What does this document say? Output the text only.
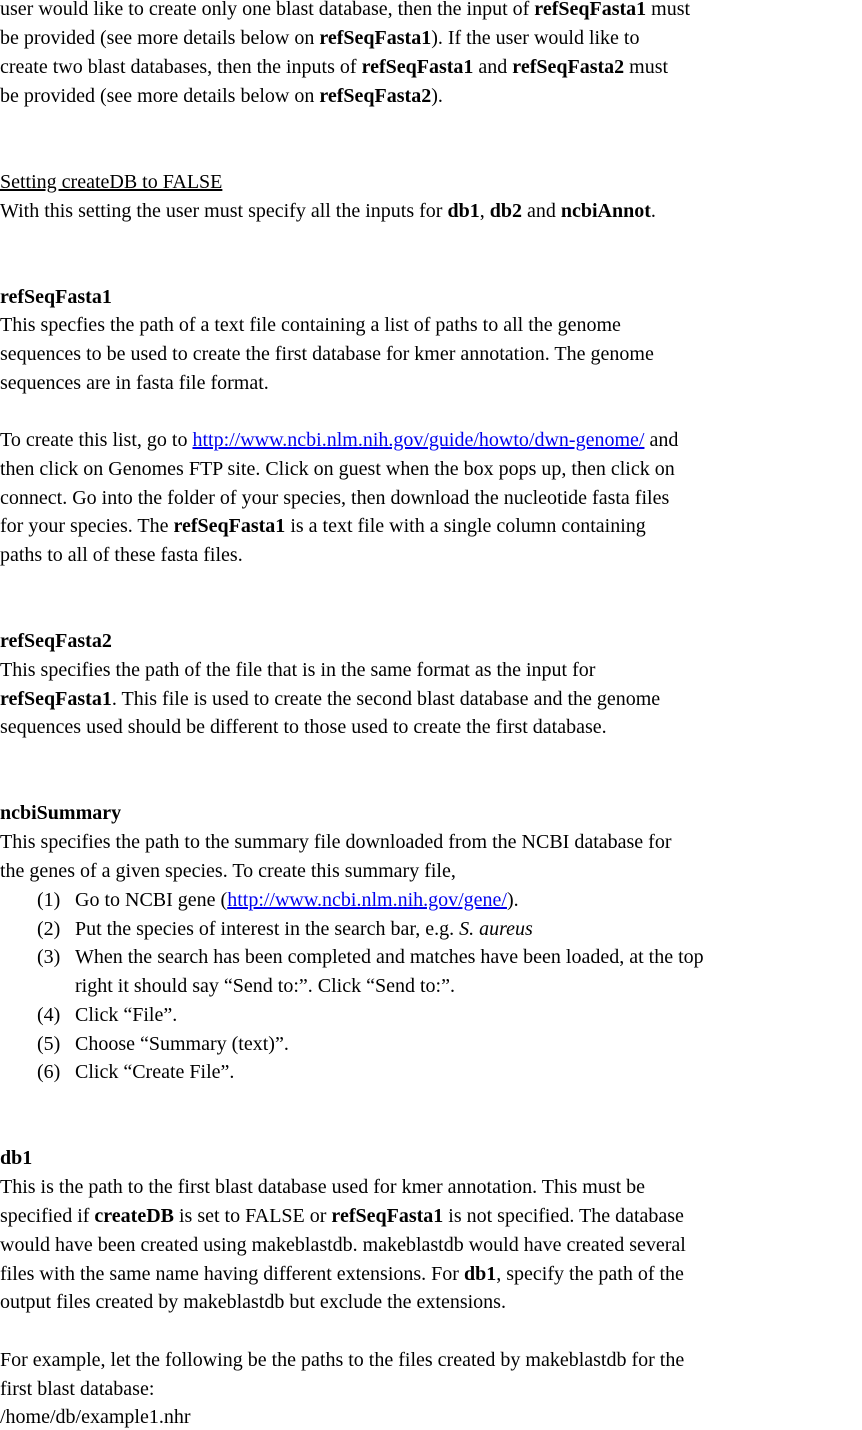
user would like to create only one blast database, then the input of refSeqFasta1 must
be provided (see more details below on refSeqFasta1). If the user would like to
create two blast databases, then the inputs of refSeqFasta1 and refSeqFasta2 must
be provided (see more details below on refSeqFasta2).
Setting createDB to FALSE
With this setting the user must specify all the inputs for db1, db2 and ncbiAnnot.
refSeqFasta1
This specfies the path of a text file containing a list of paths to all the genome
sequences to be used to create the first database for kmer annotation. The genome
sequences are in fasta file format.
To create this list, go to http://www.ncbi.nlm.nih.gov/guide/howto/dwn-genome/ and
then click on Genomes FTP site. Click on guest when the box pops up, then click on
connect. Go into the folder of your species, then download the nucleotide fasta files
for your species. The refSeqFasta1 is a text file with a single column containing
paths to all of these fasta files.
refSeqFasta2
This specifies the path of the file that is in the same format as the input for
refSeqFasta1. This file is used to create the second blast database and the genome
sequences used should be different to those used to create the first database.
ncbiSummary
This specifies the path to the summary file downloaded from the NCBI database for
the genes of a given species. To create this summary file,
(1) Go to NCBI gene (http://www.ncbi.nlm.nih.gov/gene/).
(2) Put the species of interest in the search bar, e.g. S. aureus
(3) When the search has been completed and matches have been loaded, at the top
right it should say “Send to:”. Click “Send to:”.
(4) Click “File”.
(5) Choose “Summary (text)”.
(6) Click “Create File”.
db1
This is the path to the first blast database used for kmer annotation. This must be
specified if createDB is set to FALSE or refSeqFasta1 is not specified. The database
would have been created using makeblastdb. makeblastdb would have created several
files with the same name having different extensions. For db1, specify the path of the
output files created by makeblastdb but exclude the extensions.
For example, let the following be the paths to the files created by makeblastdb for the
first blast database:
/home/db/example1.nhr
